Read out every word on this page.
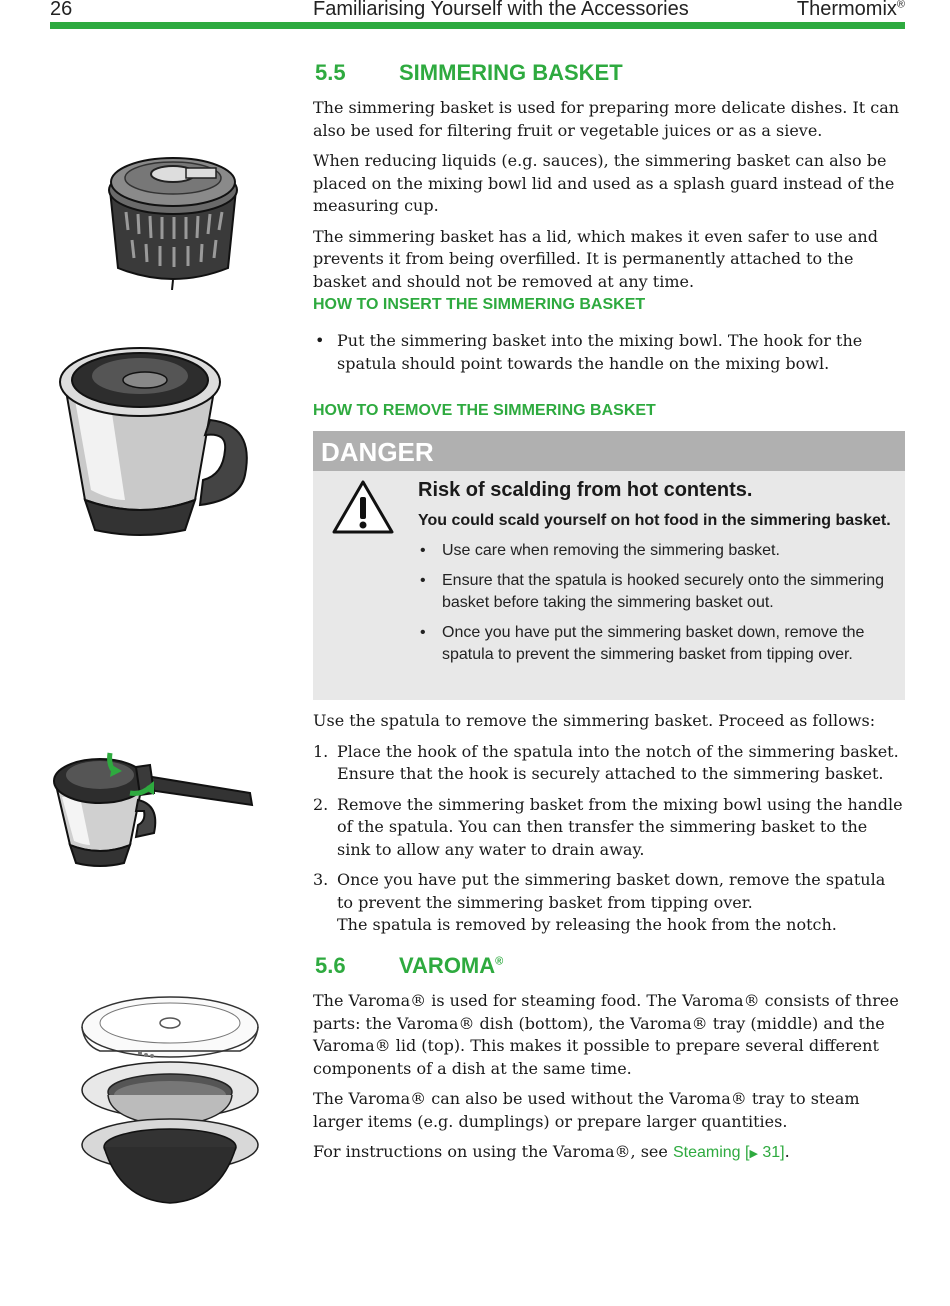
26	Familiarising Yourself with the Accessories	Thermomix®
5.5 SIMMERING BASKET

The simmering basket is used for preparing more delicate dishes. It can also be used for filtering fruit or vegetable juices or as a sieve.

When reducing liquids (e.g. sauces), the simmering basket can also be placed on the mixing bowl lid and used as a splash guard instead of the measuring cup.

The simmering basket has a lid, which makes it even safer to use and prevents it from being overfilled. It is permanently attached to the basket and should not be removed at any time.

HOW TO INSERT THE SIMMERING BASKET
• Put the simmering basket into the mixing bowl. The hook for the spatula should point towards the handle on the mixing bowl.
HOW TO REMOVE THE SIMMERING BASKET
DANGER

Risk of scalding from hot contents.

You could scald yourself on hot food in the simmering basket.

• Use care when removing the simmering basket.
• Ensure that the spatula is hooked securely onto the simmering basket before taking the simmering basket out.
• Once you have put the simmering basket down, remove the spatula to prevent the simmering basket from tipping over.

Use the spatula to remove the simmering basket. Proceed as follows:

1. Place the hook of the spatula into the notch of the simmering basket.
Ensure that the hook is securely attached to the simmering basket.
2. Remove the simmering basket from the mixing bowl using the handle of the spatula. You can then transfer the simmering basket to the sink to allow any water to drain away.
3. Once you have put the simmering basket down, remove the spatula to prevent the simmering basket from tipping over.
The spatula is removed by releasing the hook from the notch.
5.6 VAROMA®

The Varoma® is used for steaming food. The Varoma® consists of three parts: the Varoma® dish (bottom), the Varoma® tray (middle) and the Varoma® lid (top). This makes it possible to prepare several different components of a dish at the same time.

The Varoma® can also be used without the Varoma® tray to steam larger items (e.g. dumplings) or prepare larger quantities.

For instructions on using the Varoma®, see Steaming [▶ 31].
